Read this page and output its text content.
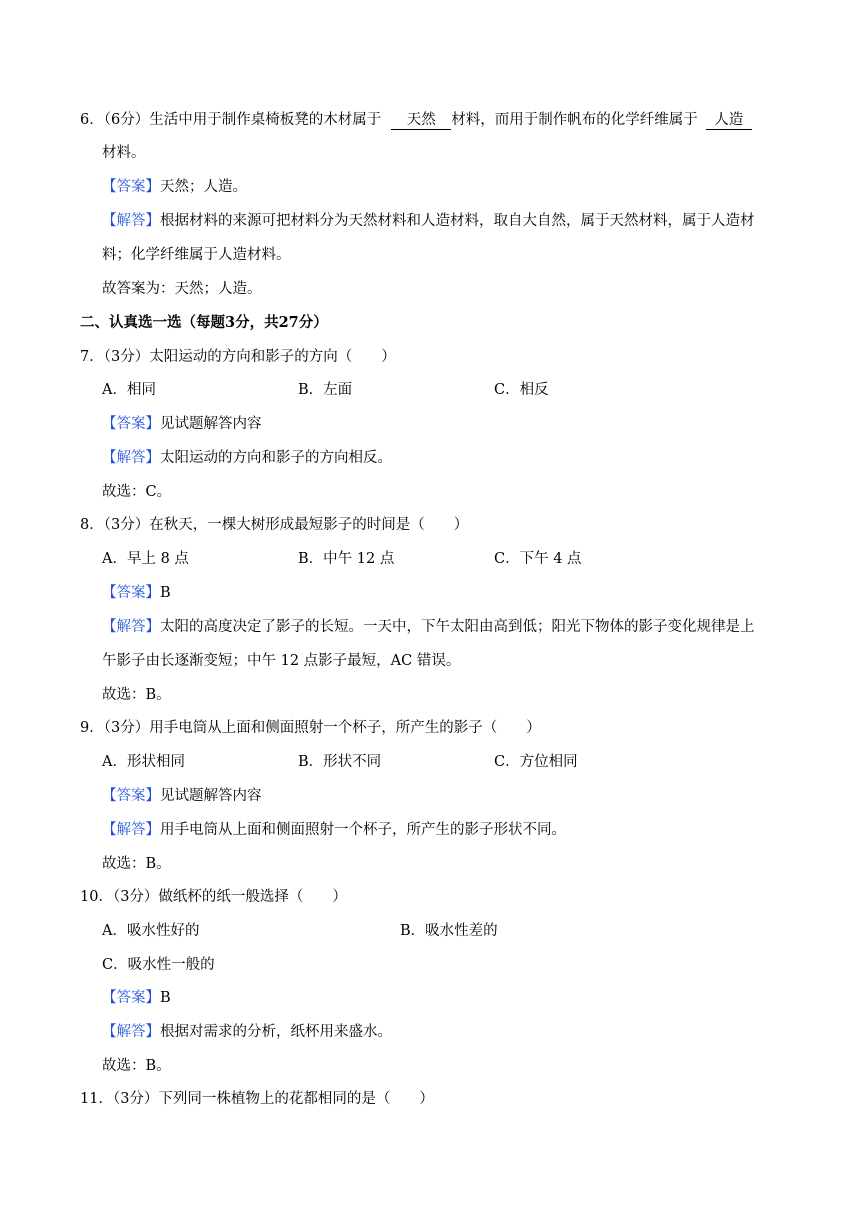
6．（6分）生活中用于制作桌椅板凳的木材属于 天然 材料，而用于制作帆布的化学纤维属于 人造
材料。
【答案】天然；人造。
【解答】根据材料的来源可把材料分为天然材料和人造材料，取自大自然，属于天然材料，属于人造材
料；化学纤维属于人造材料。
故答案为：天然；人造。
二、认真选一选（每题3分，共27分）
7．（3分）太阳运动的方向和影子的方向（　　）
A．相同	B．左面	C．相反
【答案】见试题解答内容
【解答】太阳运动的方向和影子的方向相反。
故选：C。
8．（3分）在秋天，一棵大树形成最短影子的时间是（　　）
A．早上 8 点	B．中午 12 点	C．下午 4 点
【答案】B
【解答】太阳的高度决定了影子的长短。一天中，下午太阳由高到低；阳光下物体的影子变化规律是上
午影子由长逐渐变短；中午 12 点影子最短，AC 错误。
故选：B。
9．（3分）用手电筒从上面和侧面照射一个杯子，所产生的影子（　　）
A．形状相同	B．形状不同	C．方位相同
【答案】见试题解答内容
【解答】用手电筒从上面和侧面照射一个杯子，所产生的影子形状不同。
故选：B。
10．（3分）做纸杯的纸一般选择（　　）
A．吸水性好的	B．吸水性差的
C．吸水性一般的
【答案】B
【解答】根据对需求的分析，纸杯用来盛水。
故选：B。
11．（3分）下列同一株植物上的花都相同的是（　　）
